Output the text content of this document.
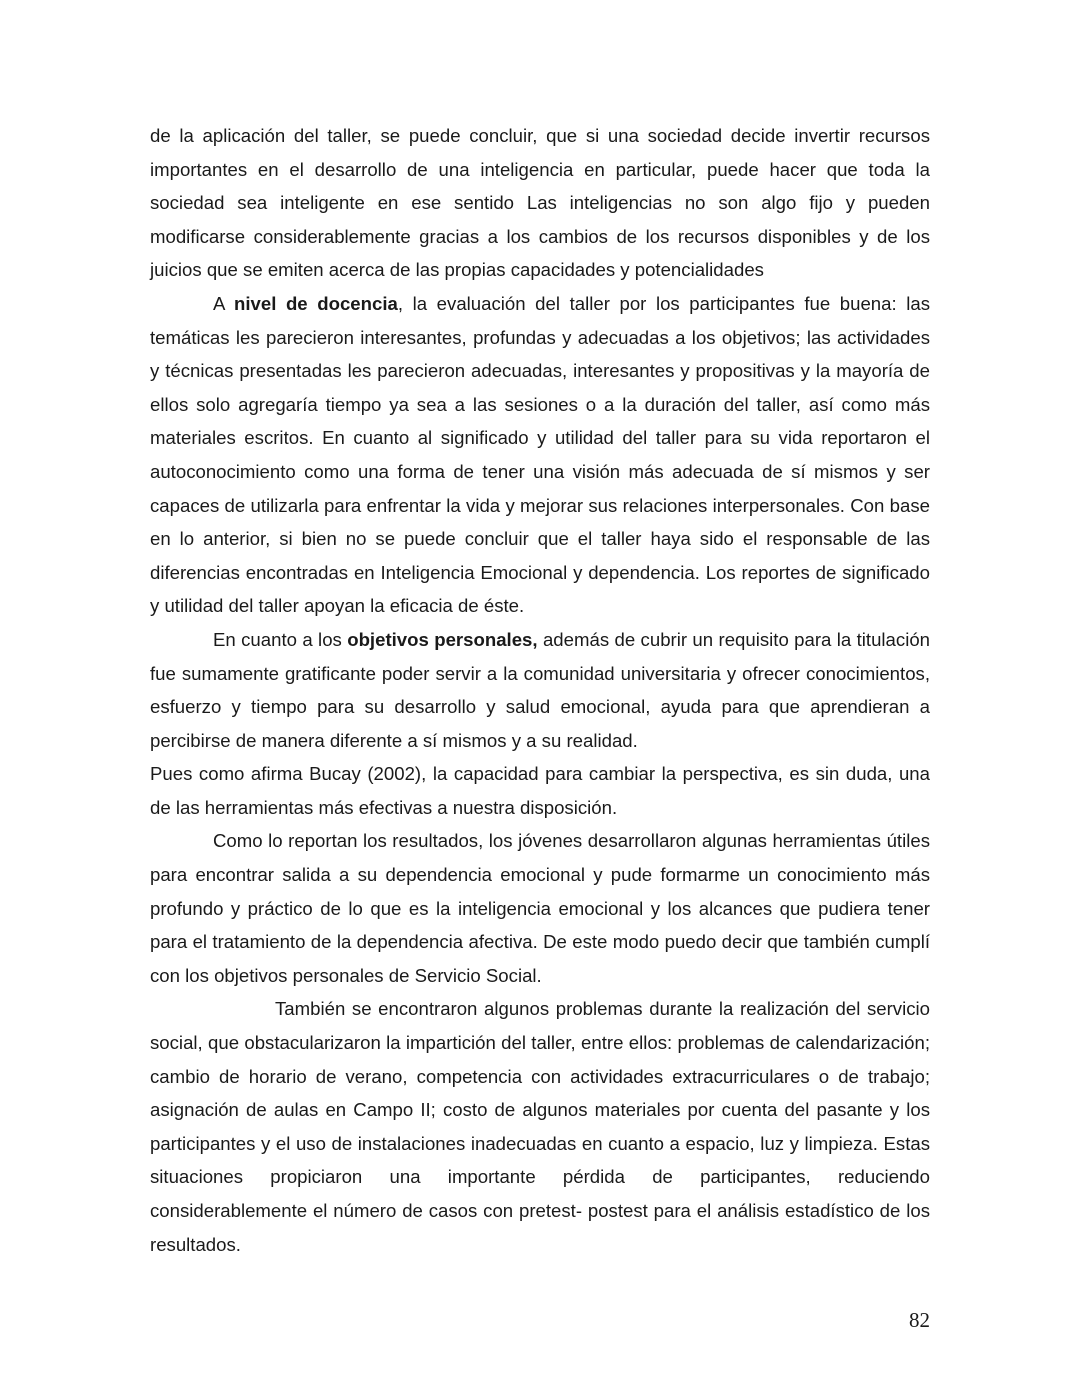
de la aplicación del taller, se puede concluir, que si una sociedad decide invertir recursos importantes en el desarrollo de una inteligencia en particular, puede hacer que toda la sociedad sea inteligente en ese sentido Las inteligencias no son algo fijo y pueden modificarse considerablemente gracias a los cambios de los recursos disponibles y de los juicios que se emiten acerca de las propias capacidades y potencialidades

A nivel de docencia, la evaluación del taller por los participantes fue buena: las temáticas les parecieron interesantes, profundas y adecuadas a los objetivos; las actividades y técnicas presentadas les parecieron adecuadas, interesantes y propositivas y la mayoría de ellos solo agregaría tiempo ya sea a las sesiones o a la duración del taller, así como más materiales escritos. En cuanto al significado y utilidad del taller para su vida reportaron el autoconocimiento como una forma de tener una visión más adecuada de sí mismos y ser capaces de utilizarla para enfrentar la vida y mejorar sus relaciones interpersonales. Con base en lo anterior, si bien no se puede concluir que el taller haya sido el responsable de las diferencias encontradas en Inteligencia Emocional y dependencia. Los reportes de significado y utilidad del taller apoyan la eficacia de éste.

En cuanto a los objetivos personales, además de cubrir un requisito para la titulación fue sumamente gratificante poder servir a la comunidad universitaria y ofrecer conocimientos, esfuerzo y tiempo para su desarrollo y salud emocional, ayuda para que aprendieran a percibirse de manera diferente a sí mismos y a su realidad.

Pues como afirma Bucay (2002), la capacidad para cambiar la perspectiva, es sin duda, una de las herramientas más efectivas a nuestra disposición.

Como lo reportan los resultados, los jóvenes desarrollaron algunas herramientas útiles para encontrar salida a su dependencia emocional y pude formarme un conocimiento más profundo y práctico de lo que es la inteligencia emocional y los alcances que pudiera tener para el tratamiento de la dependencia afectiva. De este modo puedo decir que también cumplí con los objetivos personales de Servicio Social.

También se encontraron algunos problemas durante la realización del servicio social, que obstacularizaron la impartición del taller, entre ellos: problemas de calendarización; cambio de horario de verano, competencia con actividades extracurriculares o de trabajo; asignación de aulas en Campo II; costo de algunos materiales por cuenta del pasante y los participantes y el uso de instalaciones inadecuadas en cuanto a espacio, luz y limpieza. Estas situaciones propiciaron una importante pérdida de participantes, reduciendo considerablemente el número de casos con pretest- postest para el análisis estadístico de los resultados.

82
